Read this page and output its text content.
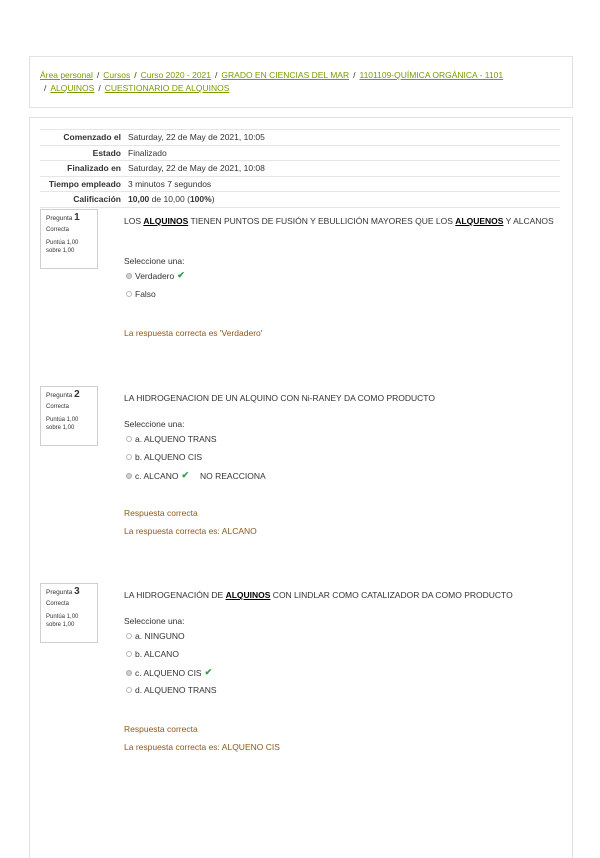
Área personal / Cursos / Curso 2020 - 2021 / GRADO EN CIENCIAS DEL MAR / 1101109-QUÍMICA ORGÁNICA - 1101
/ ALQUINOS / CUESTIONARIO DE ALQUINOS
Comenzado el	Saturday, 22 de May de 2021, 10:05
Estado	Finalizado
Finalizado en	Saturday, 22 de May de 2021, 10:08
Tiempo empleado	3 minutos 7 segundos
Calificación	10,00 de 10,00 (100%)
Pregunta 1
Correcta
Puntúa 1,00 sobre 1,00
LOS ALQUINOS TIENEN PUNTOS DE FUSIÓN Y EBULLICIÓN MAYORES QUE LOS ALQUENOS Y ALCANOS
Seleccione una:
Verdadero ✔
Falso
La respuesta correcta es 'Verdadero'
Pregunta 2
Correcta
Puntúa 1,00 sobre 1,00
LA HIDROGENACION DE UN ALQUINO CON Ni-RANEY DA COMO PRODUCTO
Seleccione una:
a. ALQUENO TRANS
b. ALQUENO CIS
c. ALCANO ✔ NO REACCIONA
Respuesta correcta
La respuesta correcta es: ALCANO
Pregunta 3
Correcta
Puntúa 1,00 sobre 1,00
LA HIDROGENACIÓN DE ALQUINOS CON LINDLAR COMO CATALIZADOR DA COMO PRODUCTO
Seleccione una:
a. NINGUNO
b. ALCANO
c. ALQUENO CIS ✔
d. ALQUENO TRANS
Respuesta correcta
La respuesta correcta es: ALQUENO CIS
